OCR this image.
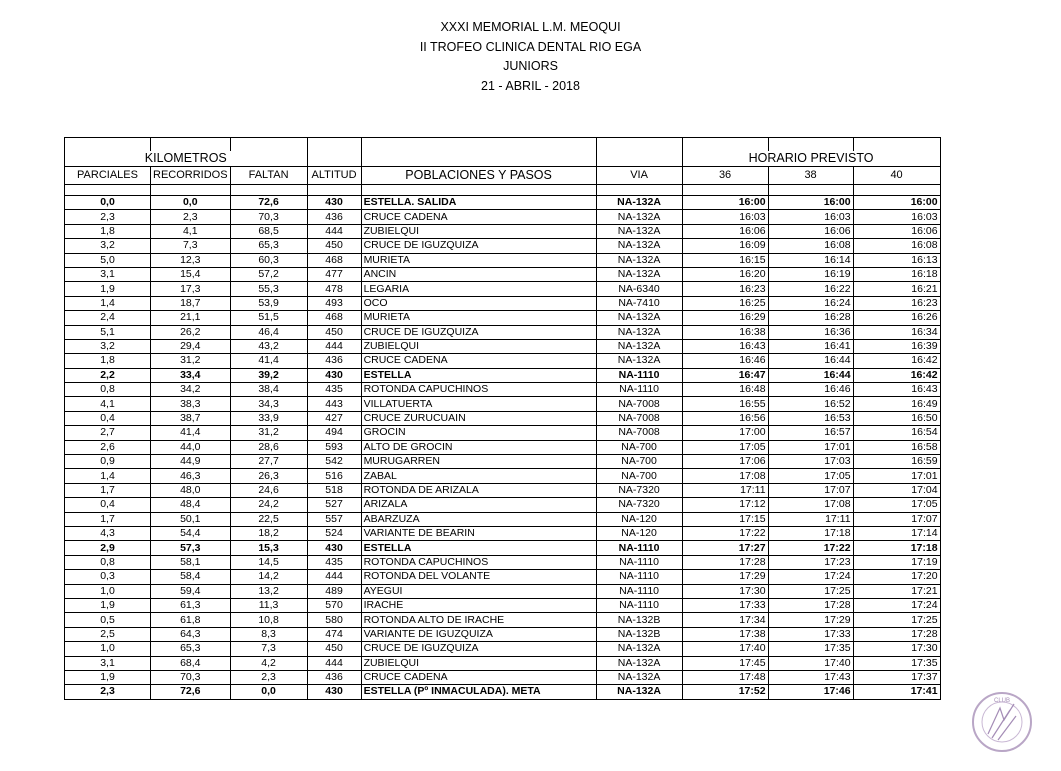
XXXI MEMORIAL L.M. MEOQUI
II TROFEO CLINICA DENTAL RIO EGA
JUNIORS
21 - ABRIL - 2018

KILOMETROS						HORARIO PREVISTO		
PARCIALES	RECORRIDOS	FALTAN	ALTITUD	POBLACIONES Y PASOS	VIA	36	38	40

0,0	0,0	72,6	430	ESTELLA. SALIDA	NA-132A	16:00	16:00	16:00
2,3	2,3	70,3	436	CRUCE CADENA	NA-132A	16:03	16:03	16:03
1,8	4,1	68,5	444	ZUBIELQUI	NA-132A	16:06	16:06	16:06
3,2	7,3	65,3	450	CRUCE DE IGUZQUIZA	NA-132A	16:09	16:08	16:08
5,0	12,3	60,3	468	MURIETA	NA-132A	16:15	16:14	16:13
3,1	15,4	57,2	477	ANCIN	NA-132A	16:20	16:19	16:18
1,9	17,3	55,3	478	LEGARIA	NA-6340	16:23	16:22	16:21
1,4	18,7	53,9	493	OCO	NA-7410	16:25	16:24	16:23
2,4	21,1	51,5	468	MURIETA	NA-132A	16:29	16:28	16:26
5,1	26,2	46,4	450	CRUCE DE IGUZQUIZA	NA-132A	16:38	16:36	16:34
3,2	29,4	43,2	444	ZUBIELQUI	NA-132A	16:43	16:41	16:39
1,8	31,2	41,4	436	CRUCE CADENA	NA-132A	16:46	16:44	16:42
2,2	33,4	39,2	430	ESTELLA	NA-1110	16:47	16:44	16:42
0,8	34,2	38,4	435	ROTONDA CAPUCHINOS	NA-1110	16:48	16:46	16:43
4,1	38,3	34,3	443	VILLATUERTA	NA-7008	16:55	16:52	16:49
0,4	38,7	33,9	427	CRUCE ZURUCUAIN	NA-7008	16:56	16:53	16:50
2,7	41,4	31,2	494	GROCIN	NA-7008	17:00	16:57	16:54
2,6	44,0	28,6	593	ALTO DE GROCIN	NA-700	17:05	17:01	16:58
0,9	44,9	27,7	542	MURUGARREN	NA-700	17:06	17:03	16:59
1,4	46,3	26,3	516	ZABAL	NA-700	17:08	17:05	17:01
1,7	48,0	24,6	518	ROTONDA DE ARIZALA	NA-7320	17:11	17:07	17:04
0,4	48,4	24,2	527	ARIZALA	NA-7320	17:12	17:08	17:05
1,7	50,1	22,5	557	ABARZUZA	NA-120	17:15	17:11	17:07
4,3	54,4	18,2	524	VARIANTE DE BEARIN	NA-120	17:22	17:18	17:14
2,9	57,3	15,3	430	ESTELLA	NA-1110	17:27	17:22	17:18
0,8	58,1	14,5	435	ROTONDA CAPUCHINOS	NA-1110	17:28	17:23	17:19
0,3	58,4	14,2	444	ROTONDA DEL VOLANTE	NA-1110	17:29	17:24	17:20
1,0	59,4	13,2	489	AYEGUI	NA-1110	17:30	17:25	17:21
1,9	61,3	11,3	570	IRACHE	NA-1110	17:33	17:28	17:24
0,5	61,8	10,8	580	ROTONDA ALTO DE IRACHE	NA-132B	17:34	17:29	17:25
2,5	64,3	8,3	474	VARIANTE DE IGUZQUIZA	NA-132B	17:38	17:33	17:28
1,0	65,3	7,3	450	CRUCE DE IGUZQUIZA	NA-132A	17:40	17:35	17:30
3,1	68,4	4,2	444	ZUBIELQUI	NA-132A	17:45	17:40	17:35
1,9	70,3	2,3	436	CRUCE CADENA	NA-132A	17:48	17:43	17:37
2,3	72,6	0,0	430	ESTELLA (Pº INMACULADA). META	NA-132A	17:52	17:46	17:41
CLUB
